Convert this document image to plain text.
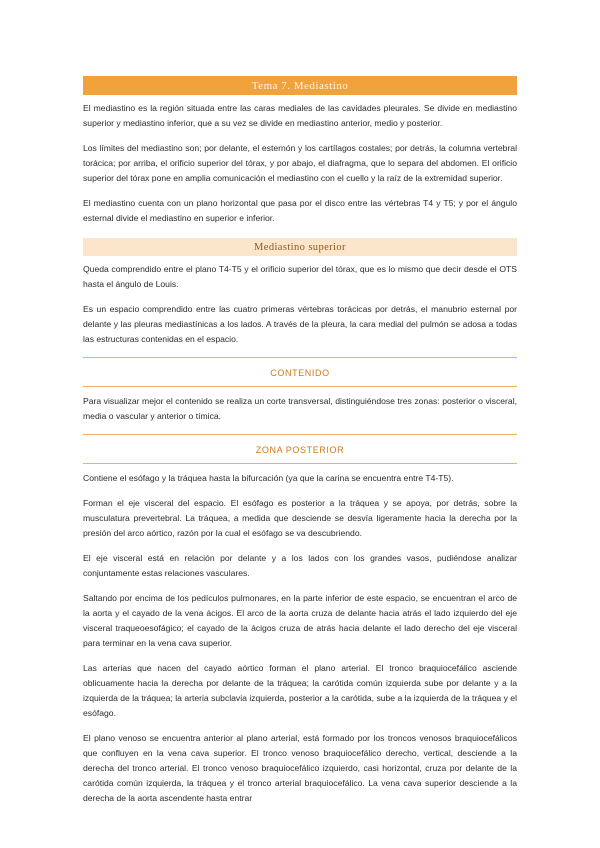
Tema 7. Mediastino

El mediastino es la región situada entre las caras mediales de las cavidades pleurales. Se divide en mediastino superior y mediastino inferior, que a su vez se divide en mediastino anterior, medio y posterior.

Los límites del mediastino son; por delante, el esternón y los cartílagos costales; por detrás, la columna vertebral torácica; por arriba, el orificio superior del tórax, y por abajo, el diafragma, que lo separa del abdomen. El orificio superior del tórax pone en amplia comunicación el mediastino con el cuello y la raíz de la extremidad superior.

El mediastino cuenta con un plano horizontal que pasa por el disco entre las vértebras T4 y T5; y por el ángulo esternal divide el mediastino en superior e inferior.

Mediastino superior

Queda comprendido entre el plano T4-T5 y el orificio superior del tórax, que es lo mismo que decir desde el OTS hasta el ángulo de Louis.

Es un espacio comprendido entre las cuatro primeras vértebras torácicas por detrás, el manubrio esternal por delante y las pleuras mediastínicas a los lados. A través de la pleura, la cara medial del pulmón se adosa a todas las estructuras contenidas en el espacio.

CONTENIDO

Para visualizar mejor el contenido se realiza un corte transversal, distinguiéndose tres zonas: posterior o visceral, media o vascular y anterior o tímica.

ZONA POSTERIOR

Contiene el esófago y la tráquea hasta la bifurcación (ya que la carina se encuentra entre T4-T5).

Forman el eje visceral del espacio. El esófago es posterior a la tráquea y se apoya, por detrás, sobre la musculatura prevertebral. La tráquea, a medida que desciende se desvía ligeramente hacia la derecha por la presión del arco aórtico, razón por la cual el esófago se va descubriendo.

El eje visceral está en relación por delante y a los lados con los grandes vasos, pudiéndose analizar conjuntamente estas relaciones vasculares.

Saltando por encima de los pedículos pulmonares, en la parte inferior de este espacio, se encuentran el arco de la aorta y el cayado de la vena ácigos. El arco de la aorta cruza de delante hacia atrás el lado izquierdo del eje visceral traqueoesofágico; el cayado de la ácigos cruza de atrás hacia delante el lado derecho del eje visceral para terminar en la vena cava superior.

Las arterias que nacen del cayado aórtico forman el plano arterial. El tronco braquiocefálico asciende oblicuamente hacia la derecha por delante de la tráquea; la carótida común izquierda sube por delante y a la izquierda de la tráquea; la arteria subclavia izquierda, posterior a la carótida, sube a la izquierda de la tráquea y el esófago.

El plano venoso se encuentra anterior al plano arterial, está formado por los troncos venosos braquiocefálicos que confluyen en la vena cava superior. El tronco venoso braquiocefálico derecho, vertical, desciende a la derecha del tronco arterial. El tronco venoso braquiocefálico izquierdo, casi horizontal, cruza por delante de la carótida común izquierda, la tráquea y el tronco arterial braquiocefálico. La vena cava superior desciende a la derecha de la aorta ascendente hasta entrar
